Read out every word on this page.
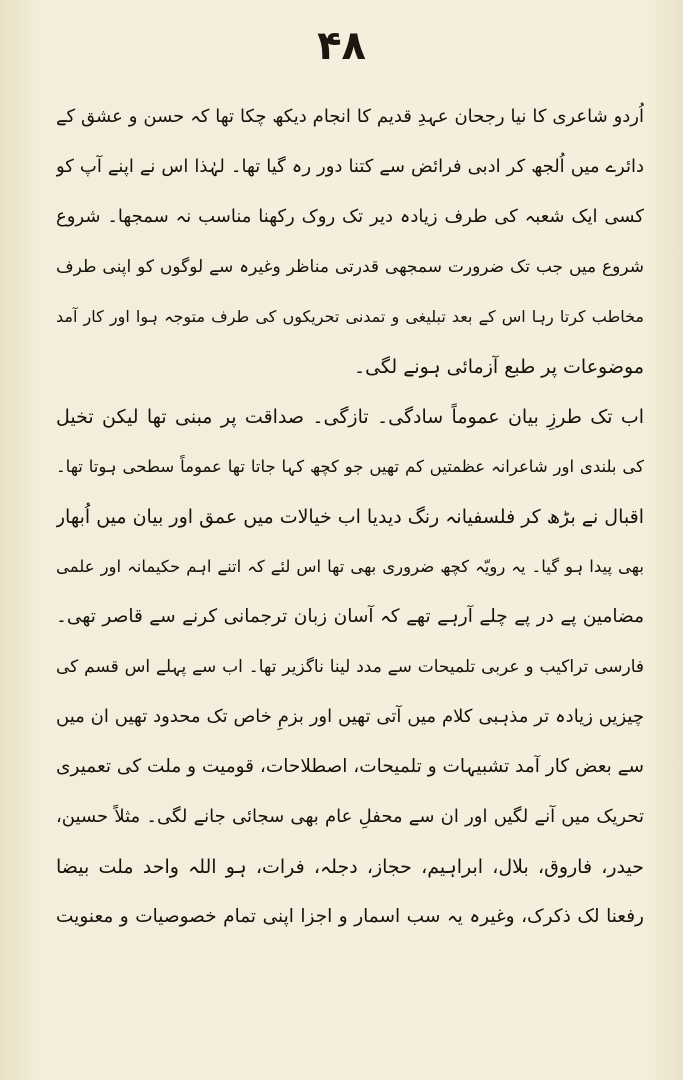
۴۸
اُردو شاعری کا نیا رجحان عہدِ قدیم کا انجام دیکھ چکا تھا کہ حسن و عشق کے
دائرے میں اُلجھ کر ادبی فرائض سے کتنا دور رہ گیا تھا۔ لہٰذا اس نے اپنے آپ کو
کسی ایک شعبہ کی طرف زیادہ دیر تک روک رکھنا مناسب نہ سمجھا۔ شروع
شروع میں جب تک ضرورت سمجھی قدرتی مناظر وغیرہ سے لوگوں کو اپنی طرف
مخاطب کرتا رہا اس کے بعد تبلیغی و تمدنی تحریکوں کی طرف متوجہ ہوا اور کار آمد
موضوعات پر طبع آزمائی ہونے لگی۔
اب تک طرزِ بیان عموماً سادگی۔ تازگی۔ صداقت پر مبنی تھا لیکن تخیل
کی بلندی اور شاعرانہ عظمتیں کم تھیں جو کچھ کہا جاتا تھا عموماً سطحی ہوتا تھا۔
اقبال نے بڑھ کر فلسفیانہ رنگ دیدیا اب خیالات میں عمق اور بیان میں اُبھار
بھی پیدا ہو گیا۔ یہ رویّہ کچھ ضروری بھی تھا اس لئے کہ اتنے اہم حکیمانہ اور علمی
مضامین پے در پے چلے آرہے تھے کہ آسان زبان ترجمانی کرنے سے قاصر تھی۔
فارسی تراکیب و عربی تلمیحات سے مدد لینا ناگزیر تھا۔ اب سے پہلے اس قسم کی
چیزیں زیادہ تر مذہبی کلام میں آتی تھیں اور بزمِ خاص تک محدود تھیں ان میں
سے بعض کار آمد تشبیہات و تلمیحات، اصطلاحات، قومیت و ملت کی تعمیری
تحریک میں آنے لگیں اور ان سے محفلِ عام بھی سجائی جانے لگی۔ مثلاً حسین،
حیدر، فاروق، بلال، ابراہیم، حجاز، دجلہ، فرات، ہو اللہ واحد ملت بیضا
رفعنا لک ذکرک، وغیرہ یہ سب اسمار و اجزا اپنی تمام خصوصیات و معنویت
